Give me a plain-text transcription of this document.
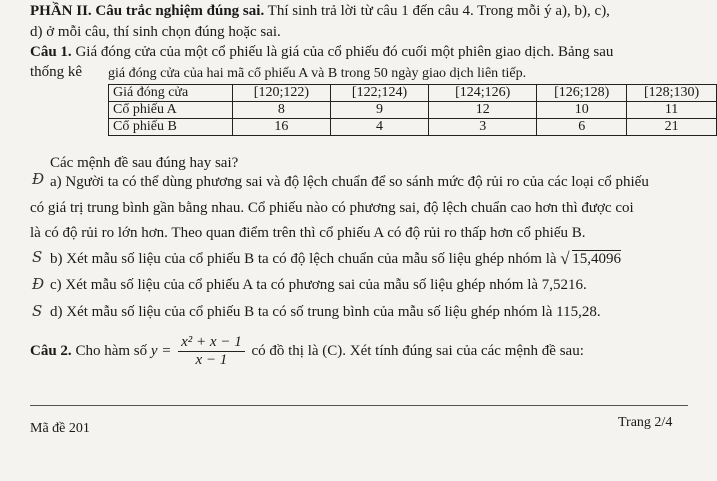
PHẦN II. Câu trắc nghiệm đúng sai. Thí sinh trả lời từ câu 1 đến câu 4. Trong mỗi ý a), b), c),
d) ở mỗi câu, thí sinh chọn đúng hoặc sai.
Câu 1. Giá đóng cửa của một cổ phiếu là giá của cổ phiếu đó cuối một phiên giao dịch. Bảng sau
thống kê giá đóng cửa của hai mã cổ phiếu A và B trong 50 ngày giao dịch liên tiếp.
Giá đóng cửa	[120;122)	[122;124)	[124;126)	[126;128)	[128;130)
Cổ phiếu A	8	9	12	10	11
Cổ phiếu B	16	4	3	6	21
Các mệnh đề sau đúng hay sai?
Đ a) Người ta có thể dùng phương sai và độ lệch chuẩn để so sánh mức độ rủi ro của các loại cổ phiếu
có giá trị trung bình gần bằng nhau. Cổ phiếu nào có phương sai, độ lệch chuẩn cao hơn thì được coi
là có độ rủi ro lớn hơn. Theo quan điểm trên thì cổ phiếu A có độ rủi ro thấp hơn cổ phiếu B.
S b) Xét mẫu số liệu của cổ phiếu B ta có độ lệch chuẩn của mẫu số liệu ghép nhóm là √ 15,4096
Đ c) Xét mẫu số liệu của cổ phiếu A ta có phương sai của mẫu số liệu ghép nhóm là 7,5216.
S d) Xét mẫu số liệu của cổ phiếu B ta có số trung bình của mẫu số liệu ghép nhóm là 115,28.
Câu 2. Cho hàm số $y = \frac{\text{x² + x − 1}}{x - 1}$ có đồ thị là (C). Xét tính đúng sai của các mệnh đề sau:
Mã đề 201	Trang 2/4
